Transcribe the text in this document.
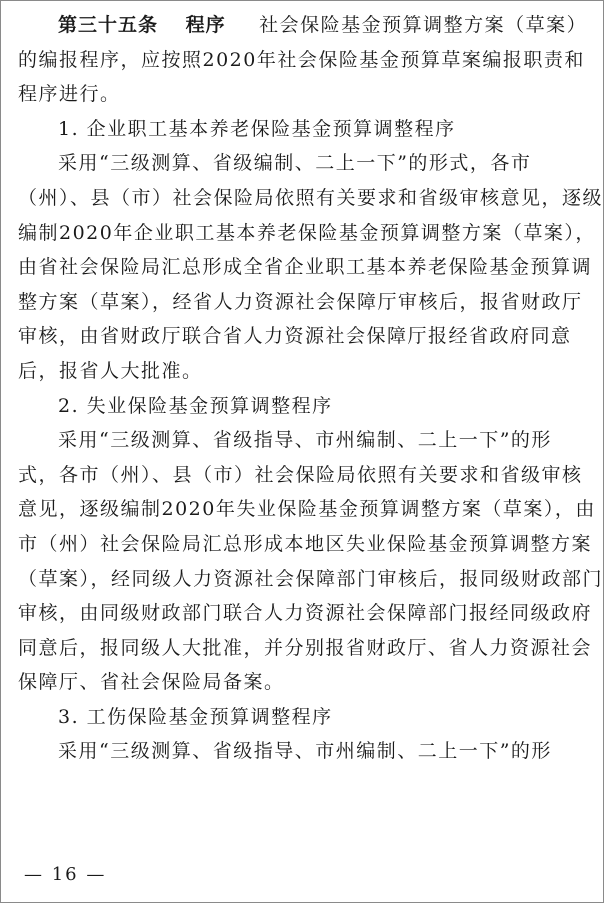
第三十五条 程序 社会保险基金预算调整方案（草案）
的编报程序，应按照2020年社会保险基金预算草案编报职责和
程序进行。
1. 企业职工基本养老保险基金预算调整程序
采用“三级测算、省级编制、二上一下”的形式，各市
（州）、县（市）社会保险局依照有关要求和省级审核意见，逐级
编制2020年企业职工基本养老保险基金预算调整方案（草案），
由省社会保险局汇总形成全省企业职工基本养老保险基金预算调
整方案（草案），经省人力资源社会保障厅审核后，报省财政厅
审核，由省财政厅联合省人力资源社会保障厅报经省政府同意
后，报省人大批准。
2. 失业保险基金预算调整程序
采用“三级测算、省级指导、市州编制、二上一下”的形
式，各市（州）、县（市）社会保险局依照有关要求和省级审核
意见，逐级编制2020年失业保险基金预算调整方案（草案），由
市（州）社会保险局汇总形成本地区失业保险基金预算调整方案
（草案），经同级人力资源社会保障部门审核后，报同级财政部门
审核，由同级财政部门联合人力资源社会保障部门报经同级政府
同意后，报同级人大批准，并分别报省财政厅、省人力资源社会
保障厅、省社会保险局备案。
3. 工伤保险基金预算调整程序
采用“三级测算、省级指导、市州编制、二上一下”的形
— 16 —
